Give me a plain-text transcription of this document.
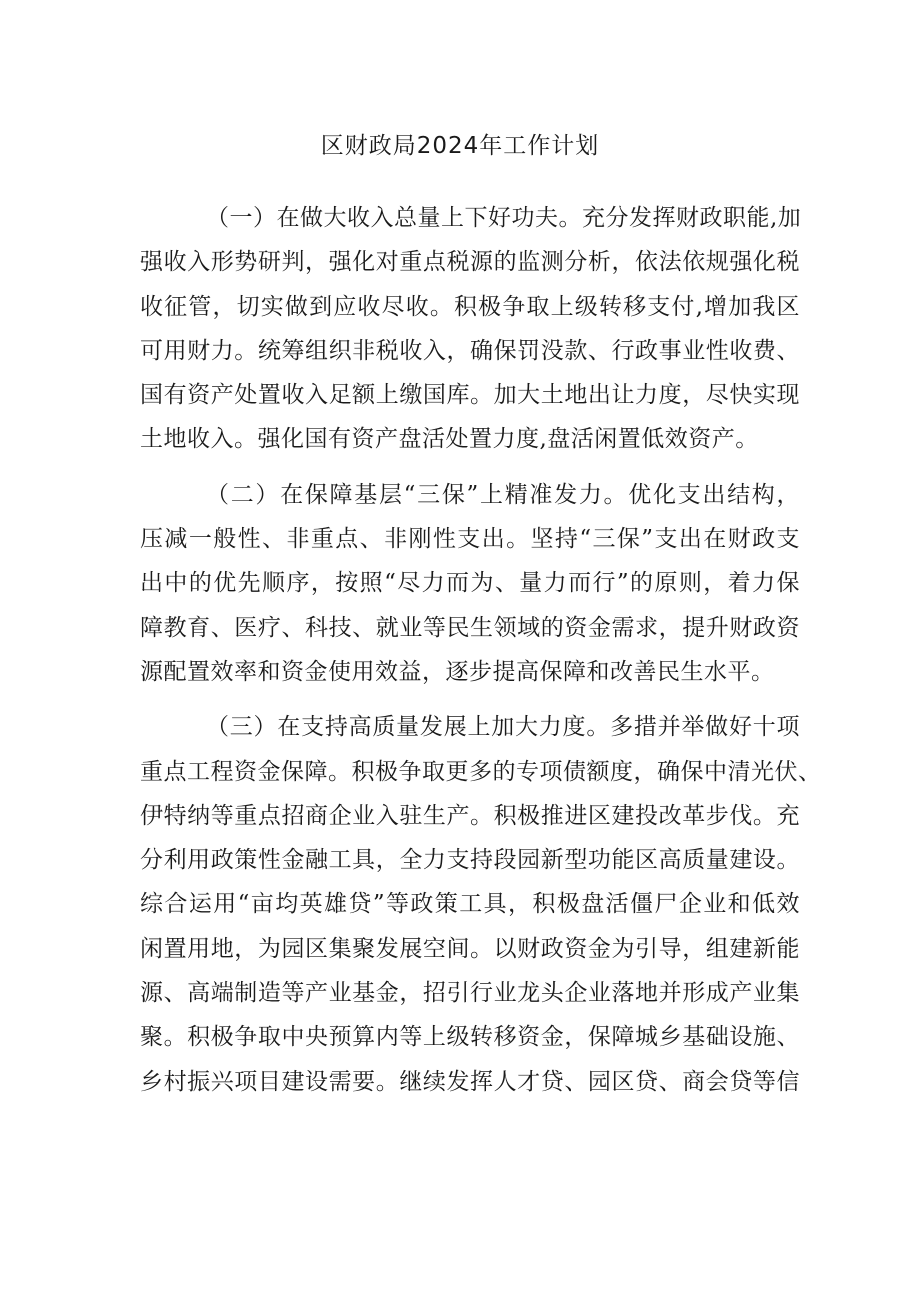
区财政局2024年工作计划
（一）在做大收入总量上下好功夫。充分发挥财政职能,加
强收入形势研判，强化对重点税源的监测分析，依法依规强化税
收征管，切实做到应收尽收。积极争取上级转移支付,增加我区
可用财力。统筹组织非税收入，确保罚没款、行政事业性收费、
国有资产处置收入足额上缴国库。加大土地出让力度，尽快实现
土地收入。强化国有资产盘活处置力度,盘活闲置低效资产。
（二）在保障基层“三保”上精准发力。优化支出结构，
压减一般性、非重点、非刚性支出。坚持“三保”支出在财政支
出中的优先顺序，按照“尽力而为、量力而行”的原则，着力保
障教育、医疗、科技、就业等民生领域的资金需求，提升财政资
源配置效率和资金使用效益，逐步提高保障和改善民生水平。
（三）在支持高质量发展上加大力度。多措并举做好十项
重点工程资金保障。积极争取更多的专项债额度，确保中清光伏、
伊特纳等重点招商企业入驻生产。积极推进区建投改革步伐。充
分利用政策性金融工具，全力支持段园新型功能区高质量建设。
综合运用“亩均英雄贷”等政策工具，积极盘活僵尸企业和低效
闲置用地，为园区集聚发展空间。以财政资金为引导，组建新能
源、高端制造等产业基金，招引行业龙头企业落地并形成产业集
聚。积极争取中央预算内等上级转移资金，保障城乡基础设施、
乡村振兴项目建设需要。继续发挥人才贷、园区贷、商会贷等信
